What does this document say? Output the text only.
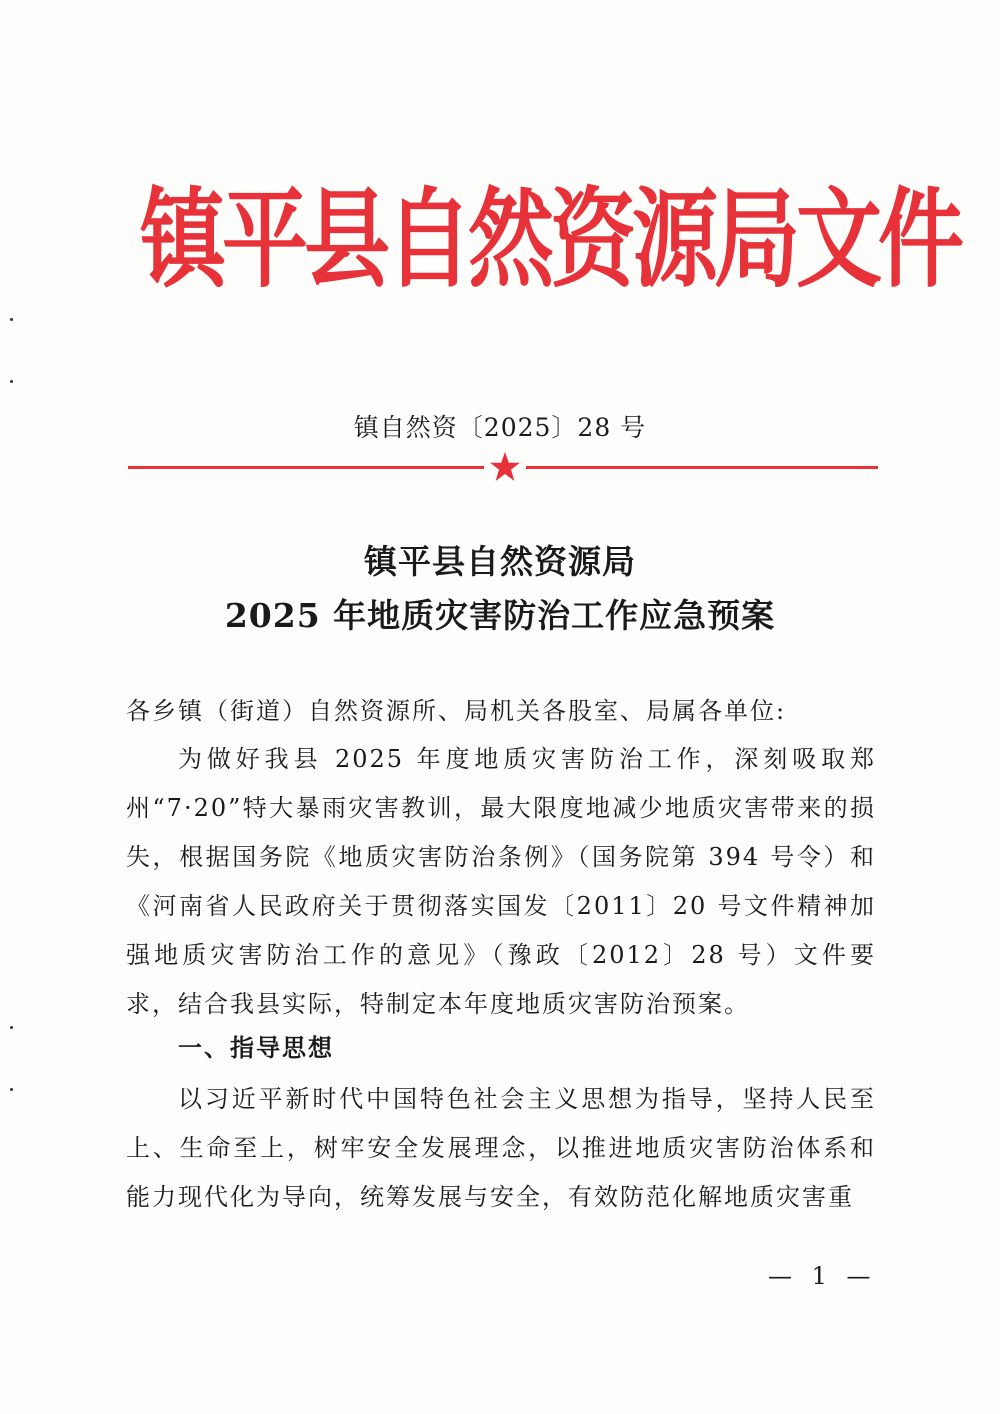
镇平县自然资源局文件
镇自然资〔2025〕28 号
镇平县自然资源局
2025 年地质灾害防治工作应急预案

各乡镇（街道）自然资源所、局机关各股室、局属各单位:

为做好我县 2025 年度地质灾害防治工作，深刻吸取郑州“7·20”特大暴雨灾害教训，最大限度地减少地质灾害带来的损失，根据国务院《地质灾害防治条例》（国务院第 394 号令）和《河南省人民政府关于贯彻落实国发〔2011〕20 号文件精神加强地质灾害防治工作的意见》（豫政〔2012〕28 号）文件要求，结合我县实际，特制定本年度地质灾害防治预案。

一、指导思想

以习近平新时代中国特色社会主义思想为指导，坚持人民至上、生命至上，树牢安全发展理念，以推进地质灾害防治体系和能力现代化为导向，统筹发展与安全，有效防范化解地质灾害重

— 1 —
